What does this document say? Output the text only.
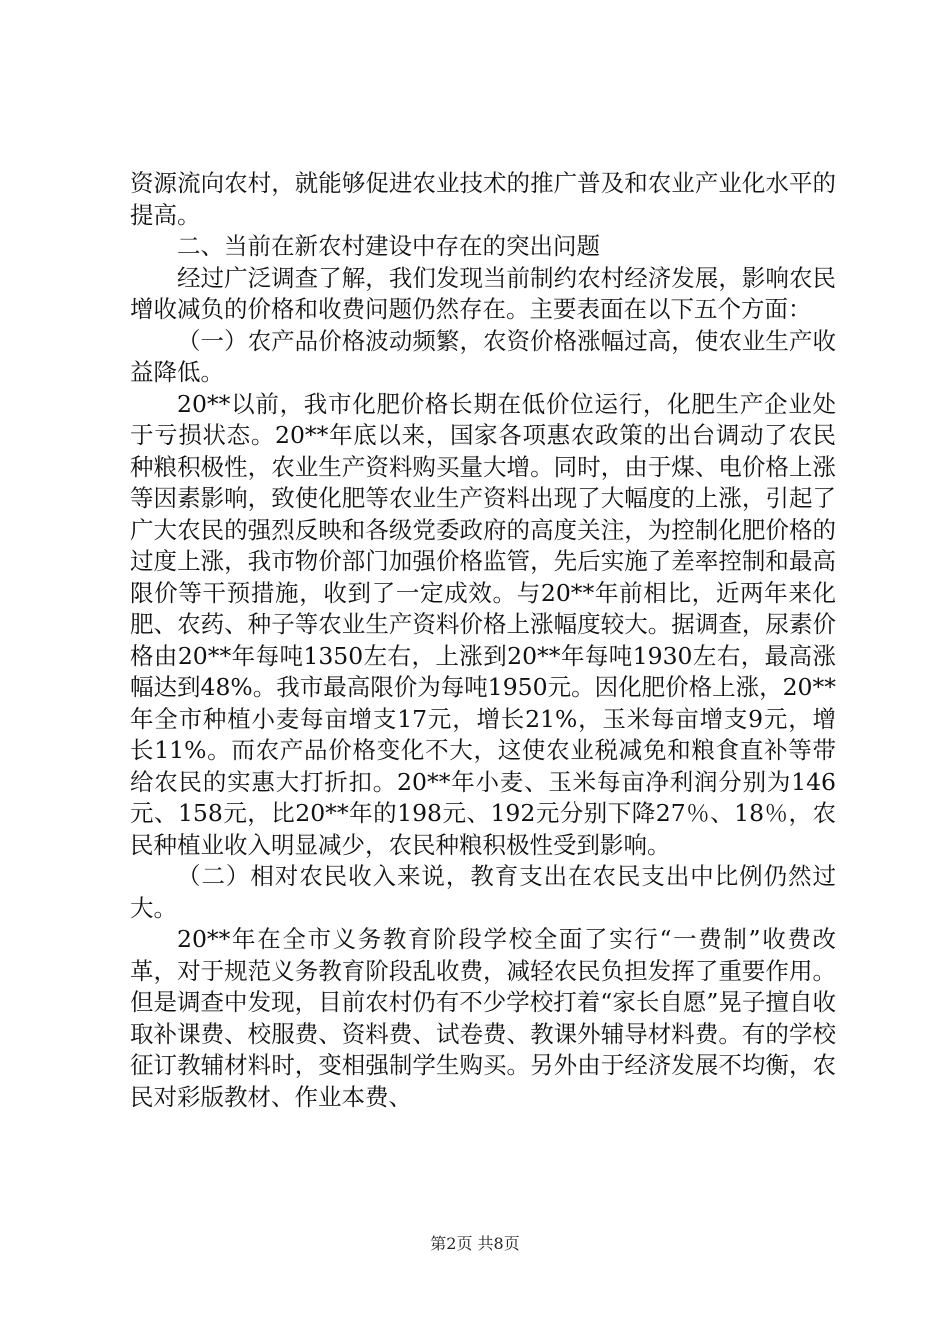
资源流向农村，就能够促进农业技术的推广普及和农业产业化水平的提高。

二、当前在新农村建设中存在的突出问题

经过广泛调查了解，我们发现当前制约农村经济发展，影响农民增收减负的价格和收费问题仍然存在。主要表面在以下五个方面：

（一）农产品价格波动频繁，农资价格涨幅过高，使农业生产收益降低。

20**以前，我市化肥价格长期在低价位运行，化肥生产企业处于亏损状态。20**年底以来，国家各项惠农政策的出台调动了农民种粮积极性，农业生产资料购买量大增。同时，由于煤、电价格上涨等因素影响，致使化肥等农业生产资料出现了大幅度的上涨，引起了广大农民的强烈反映和各级党委政府的高度关注，为控制化肥价格的过度上涨，我市物价部门加强价格监管，先后实施了差率控制和最高限价等干预措施，收到了一定成效。与20**年前相比，近两年来化肥、农药、种子等农业生产资料价格上涨幅度较大。据调查，尿素价格由20**年每吨1350左右，上涨到20**年每吨1930左右，最高涨幅达到48%。我市最高限价为每吨1950元。因化肥价格上涨，20**年全市种植小麦每亩增支17元，增长21%，玉米每亩增支9元，增长11%。而农产品价格变化不大，这使农业税减免和粮食直补等带给农民的实惠大打折扣。20**年小麦、玉米每亩净利润分别为146元、158元，比20**年的198元、192元分别下降27％、18％，农民种植业收入明显减少，农民种粮积极性受到影响。

（二）相对农民收入来说，教育支出在农民支出中比例仍然过大。

20**年在全市义务教育阶段学校全面了实行“一费制”收费改革，对于规范义务教育阶段乱收费，减轻农民负担发挥了重要作用。但是调查中发现，目前农村仍有不少学校打着“家长自愿”晃子擅自收取补课费、校服费、资料费、试卷费、教课外辅导材料费。有的学校征订教辅材料时，变相强制学生购买。另外由于经济发展不均衡，农民对彩版教材、作业本费、

第2页 共8页
